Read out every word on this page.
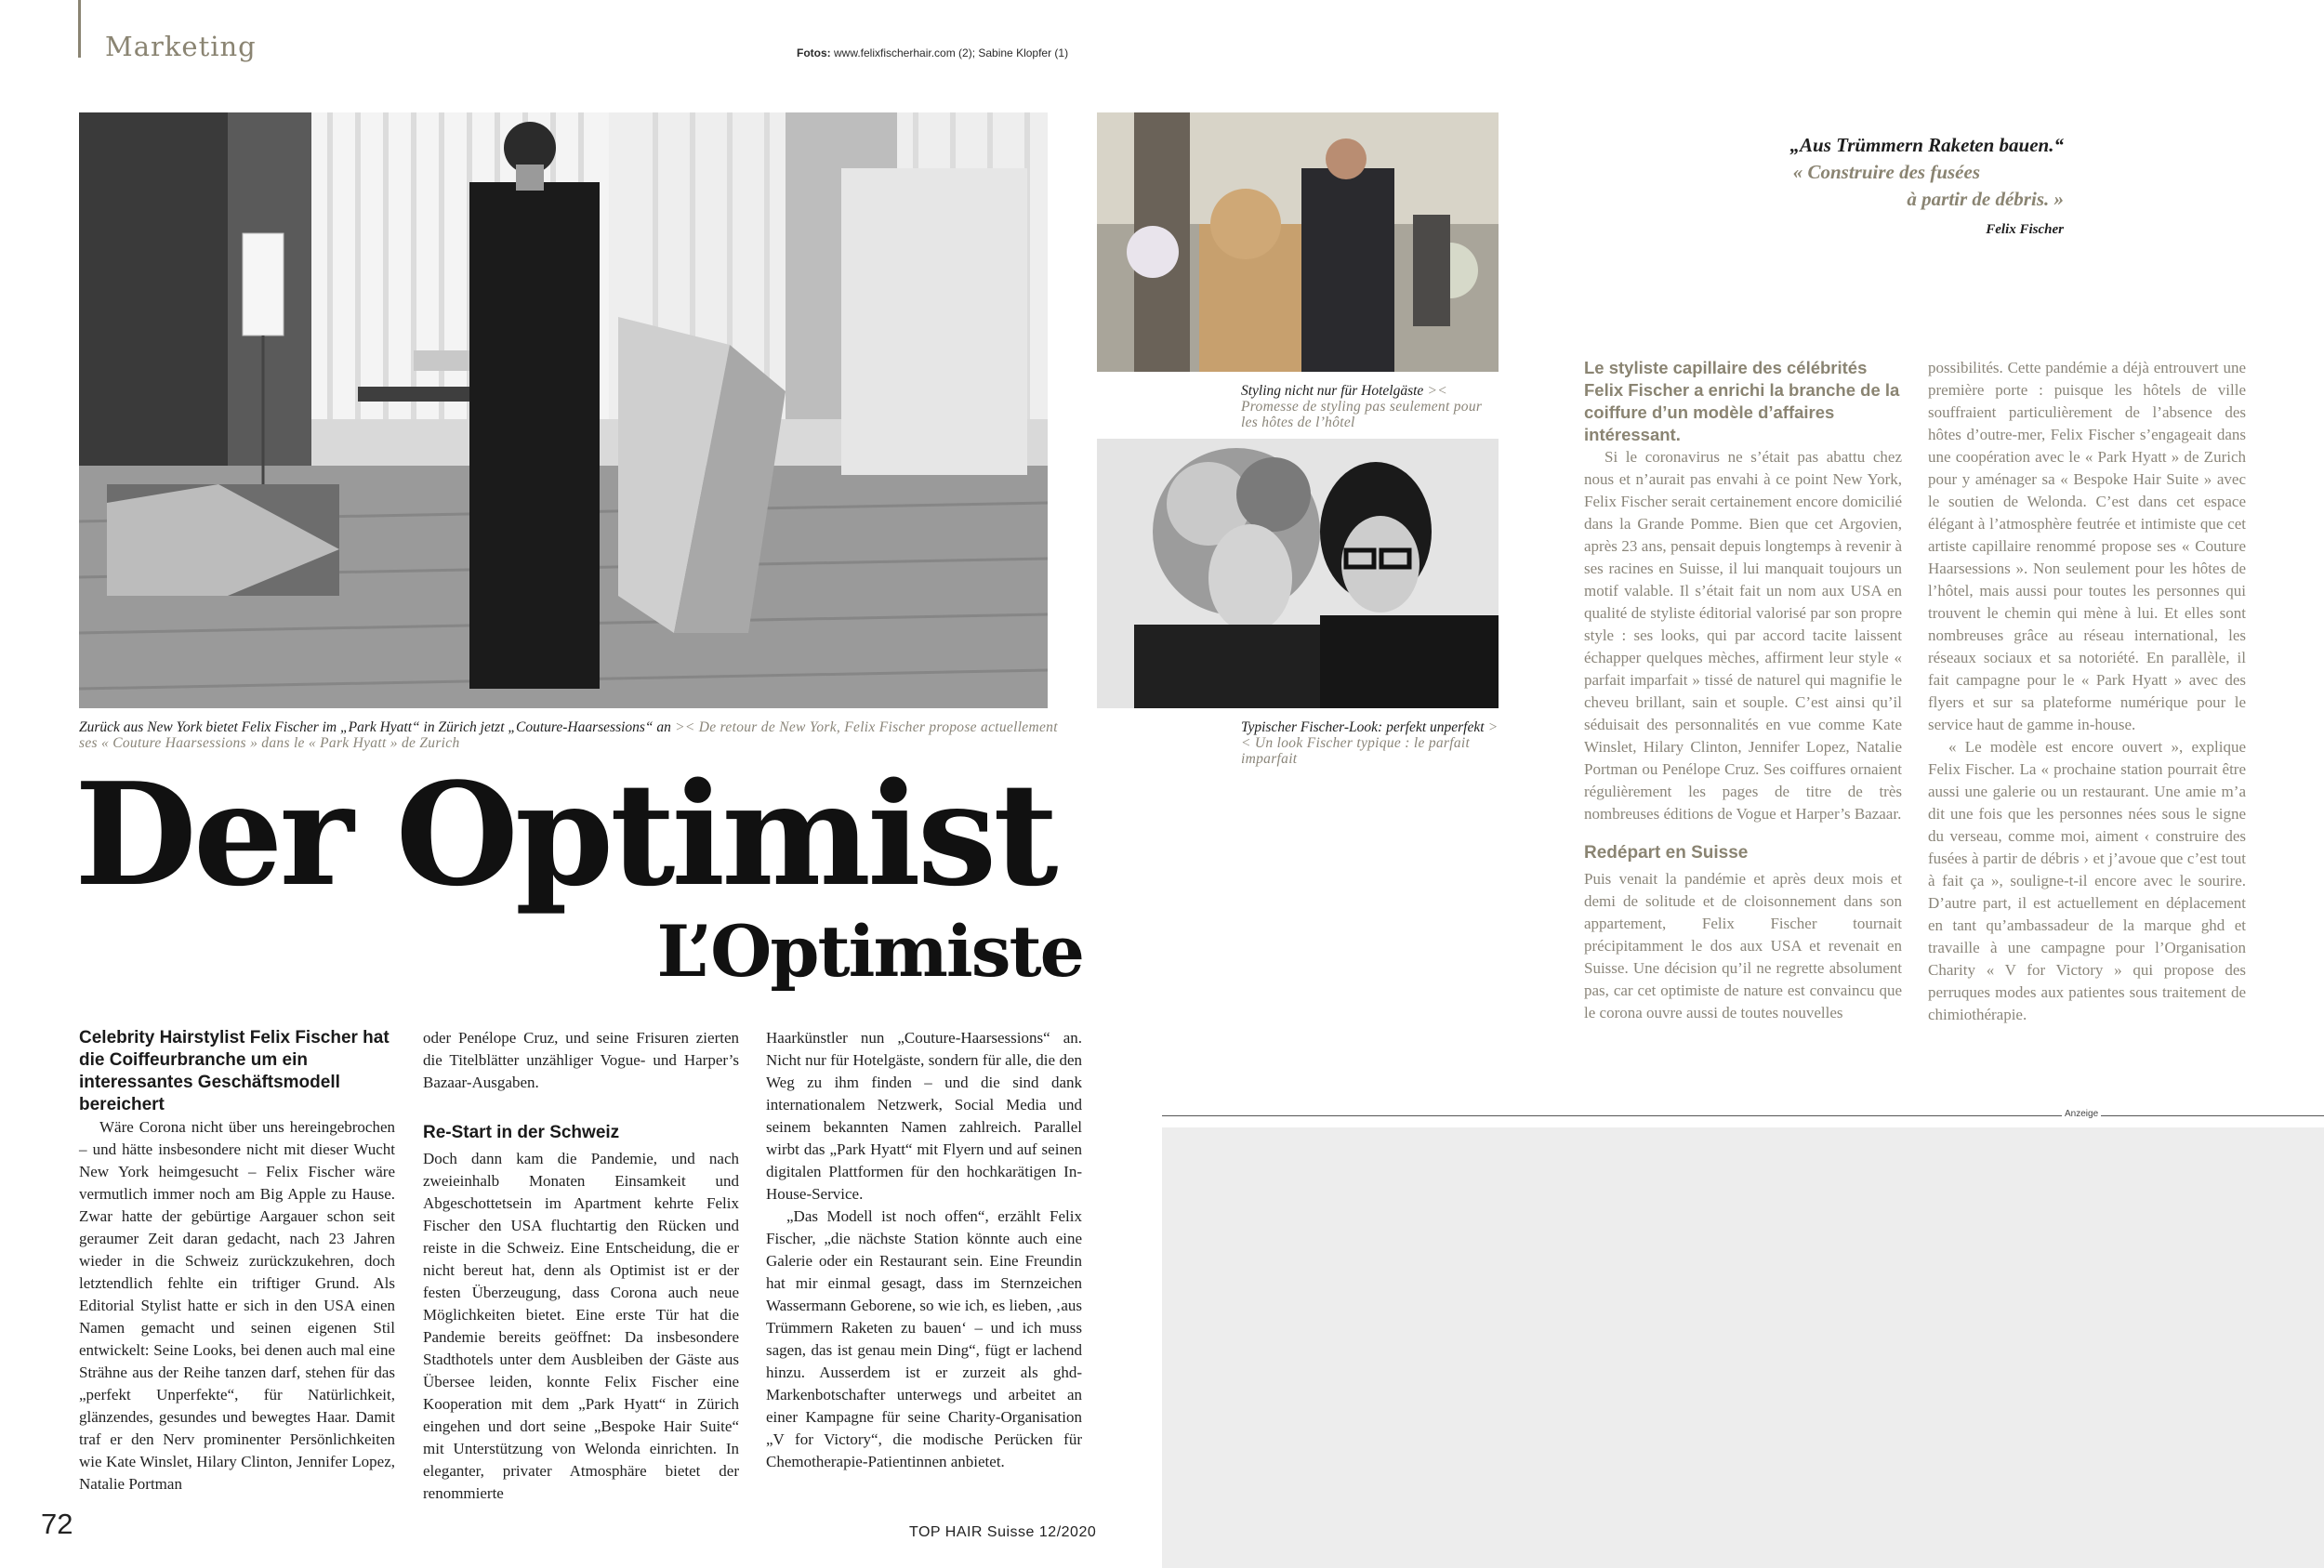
Marketing	Fotos: www.felixfischerhair.com (2); Sabine Klopfer (1)
Zurück aus New York bietet Felix Fischer im „Park Hyatt“ in Zürich jetzt „Couture-Haarsessions“ an >< De retour de New York, Felix Fischer propose actuellement ses « Couture Haarsessions » dans le « Park Hyatt » de Zurich
Styling nicht nur für Hotelgäste >< Promesse de styling pas seulement pour les hôtes de l’hôtel
Typischer Fischer-Look: perfekt unperfekt >< Un look Fischer typique : le parfait imparfait
Der Optimist
L’Optimiste

Celebrity Hairstylist Felix Fischer hat die Coiffeurbranche um ein interessantes Geschäftsmodell bereichert

Wäre Corona nicht über uns hereingebrochen – und hätte insbesondere nicht mit dieser Wucht New York heimgesucht – Felix Fischer wäre vermutlich immer noch am Big Apple zu Hause. Zwar hatte der gebürtige Aargauer schon seit geraumer Zeit daran gedacht, nach 23 Jahren wieder in die Schweiz zurückzukehren, doch letztendlich fehlte ein triftiger Grund. Als Editorial Stylist hatte er sich in den USA einen Namen gemacht und seinen eigenen Stil entwickelt: Seine Looks, bei denen auch mal eine Strähne aus der Reihe tanzen darf, stehen für das „perfekt Unperfekte“, für Natürlichkeit, glänzendes, gesundes und bewegtes Haar. Damit traf er den Nerv prominenter Persönlichkeiten wie Kate Winslet, Hilary Clinton, Jennifer Lopez, Natalie Portman

oder Penélope Cruz, und seine Frisuren zierten die Titelblätter unzähliger Vogue- und Harper’s Bazaar-Ausgaben.

Re-Start in der Schweiz

Doch dann kam die Pandemie, und nach zweieinhalb Monaten Einsamkeit und Abgeschottetsein im Apartment kehrte Felix Fischer den USA fluchtartig den Rücken und reiste in die Schweiz. Eine Entscheidung, die er nicht bereut hat, denn als Optimist ist er der festen Überzeugung, dass Corona auch neue Möglichkeiten bietet. Eine erste Tür hat die Pandemie bereits geöffnet: Da insbesondere Stadthotels unter dem Ausbleiben der Gäste aus Übersee leiden, konnte Felix Fischer eine Kooperation mit dem „Park Hyatt“ in Zürich eingehen und dort seine „Bespoke Hair Suite“ mit Unterstützung von Welonda einrichten. In eleganter, privater Atmosphäre bietet der renommierte

Haarkünstler nun „Couture-Haarsessions“ an. Nicht nur für Hotelgäste, sondern für alle, die den Weg zu ihm finden – und die sind dank internationalem Netzwerk, Social Media und seinem bekannten Namen zahlreich. Parallel wirbt das „Park Hyatt“ mit Flyern und auf seinen digitalen Plattformen für den hochkarätigen In-House-Service.

„Das Modell ist noch offen“, erzählt Felix Fischer, „die nächste Station könnte auch eine Galerie oder ein Restaurant sein. Eine Freundin hat mir einmal gesagt, dass im Sternzeichen Wassermann Geborene, so wie ich, es lieben, ‚aus Trümmern Raketen zu bauen‘ – und ich muss sagen, das ist genau mein Ding“, fügt er lachend hinzu. Ausserdem ist er zurzeit als ghd-Markenbotschafter unterwegs und arbeitet an einer Kampagne für seine Charity-Organisation „V for Victory“, die modische Perücken für Chemotherapie-Patientinnen anbietet.

72	TOP HAIR Suisse 12/2020
„Aus Trümmern Raketen bauen.“
« Construire des fusées
à partir de débris. »
Felix Fischer

Le styliste capillaire des célébrités Felix Fischer a enrichi la branche de la coiffure d’un modèle d’affaires intéressant.

Si le coronavirus ne s’était pas abattu chez nous et n’aurait pas envahi à ce point New York, Felix Fischer serait certainement encore domicilié dans la Grande Pomme. Bien que cet Argovien, après 23 ans, pensait depuis longtemps à revenir à ses racines en Suisse, il lui manquait toujours un motif valable. Il s’était fait un nom aux USA en qualité de styliste éditorial valorisé par son propre style : ses looks, qui par accord tacite laissent échapper quelques mèches, affirment leur style « parfait imparfait » tissé de naturel qui magnifie le cheveu brillant, sain et souple. C’est ainsi qu’il séduisait des personnalités en vue comme Kate Winslet, Hilary Clinton, Jennifer Lopez, Natalie Portman ou Penélope Cruz. Ses coiffures ornaient régulièrement les pages de titre de très nombreuses éditions de Vogue et Harper’s Bazaar.

Redépart en Suisse

Puis venait la pandémie et après deux mois et demi de solitude et de cloisonnement dans son appartement, Felix Fischer tournait précipitamment le dos aux USA et revenait en Suisse. Une décision qu’il ne regrette absolument pas, car cet optimiste de nature est convaincu que le corona ouvre aussi de toutes nouvelles

possibilités. Cette pandémie a déjà entrouvert une première porte : puisque les hôtels de ville souffraient particulièrement de l’absence des hôtes d’outre-mer, Felix Fischer s’engageait dans une coopération avec le « Park Hyatt » de Zurich pour y aménager sa « Bespoke Hair Suite » avec le soutien de Welonda. C’est dans cet espace élégant à l’atmosphère feutrée et intimiste que cet artiste capillaire renommé propose ses « Couture Haarsessions ». Non seulement pour les hôtes de l’hôtel, mais aussi pour toutes les personnes qui trouvent le chemin qui mène à lui. Et elles sont nombreuses grâce au réseau international, les réseaux sociaux et sa notoriété. En parallèle, il fait campagne pour le « Park Hyatt » avec des flyers et sur sa plateforme numérique pour le service haut de gamme in-house.

« Le modèle est encore ouvert », explique Felix Fischer. La « prochaine station pourrait être aussi une galerie ou un restaurant. Une amie m’a dit une fois que les personnes nées sous le signe du verseau, comme moi, aiment ‹ construire des fusées à partir de débris › et j’avoue que c’est tout à fait ça », souligne-t-il encore avec le sourire. D’autre part, il est actuellement en déplacement en tant qu’ambassadeur de la marque ghd et travaille à une campagne pour l’Organisation Charity « V for Victory » qui propose des perruques modes aux patientes sous traitement de chimiothérapie.

Anzeige
